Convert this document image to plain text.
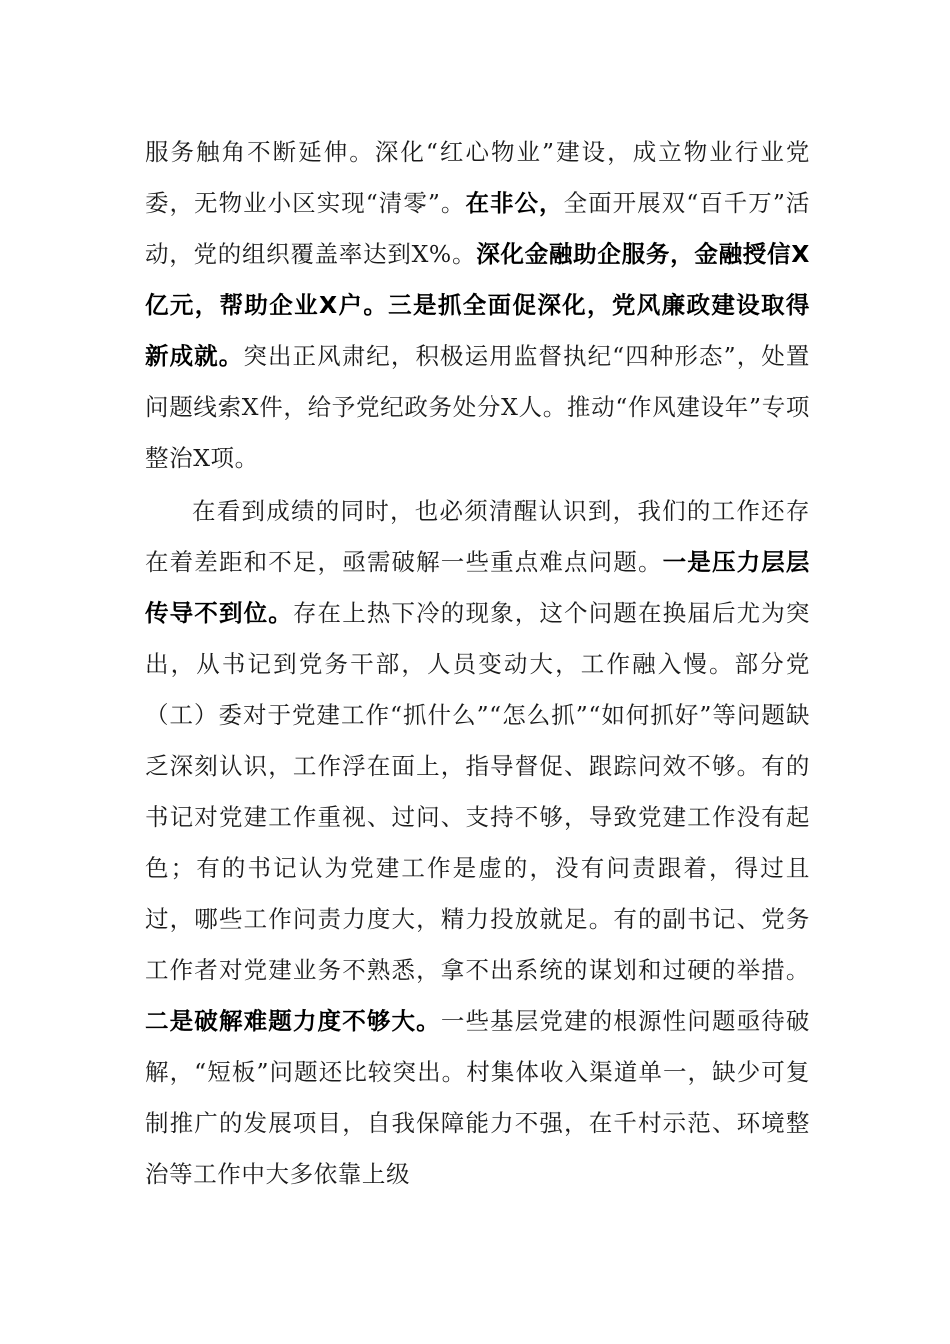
服务触角不断延伸。深化“红心物业”建设，成立物业行业党委，无物业小区实现“清零”。在非公，全面开展双“百千万”活动，党的组织覆盖率达到X%。深化金融助企服务，金融授信X亿元，帮助企业X户。三是抓全面促深化，党风廉政建设取得新成就。突出正风肃纪，积极运用监督执纪“四种形态”，处置问题线索X件，给予党纪政务处分X人。推动“作风建设年”专项整治X项。
在看到成绩的同时，也必须清醒认识到，我们的工作还存在着差距和不足，亟需破解一些重点难点问题。一是压力层层传导不到位。存在上热下冷的现象，这个问题在换届后尤为突出，从书记到党务干部，人员变动大，工作融入慢。部分党（工）委对于党建工作“抓什么”“怎么抓”“如何抓好”等问题缺乏深刻认识，工作浮在面上，指导督促、跟踪问效不够。有的书记对党建工作重视、过问、支持不够，导致党建工作没有起色；有的书记认为党建工作是虚的，没有问责跟着，得过且过，哪些工作问责力度大，精力投放就足。有的副书记、党务工作者对党建业务不熟悉，拿不出系统的谋划和过硬的举措。二是破解难题力度不够大。一些基层党建的根源性问题亟待破解，“短板”问题还比较突出。村集体收入渠道单一，缺少可复制推广的发展项目，自我保障能力不强，在千村示范、环境整治等工作中大多依靠上级
